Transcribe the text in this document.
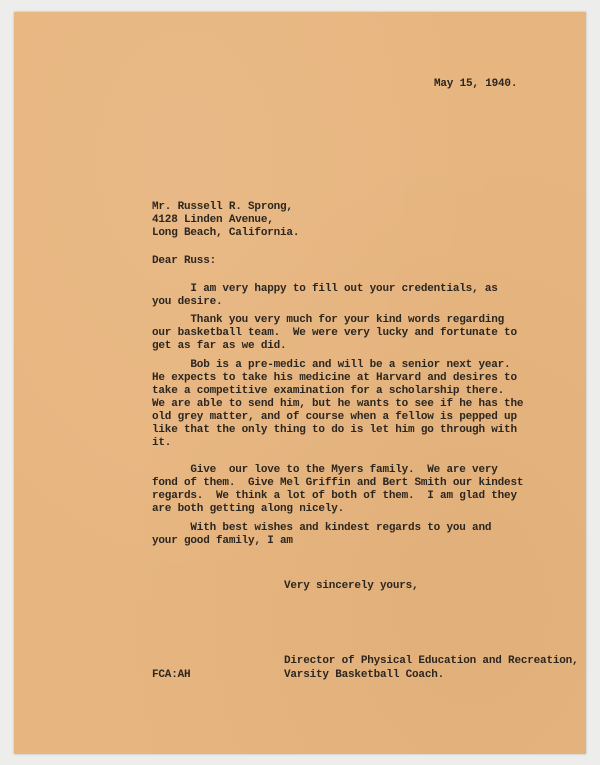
May 15, 1940.
Mr. Russell R. Sprong,
4128 Linden Avenue,
Long Beach, California.
Dear Russ:
I am very happy to fill out your credentials, as
you desire.
Thank you very much for your kind words regarding
our basketball team.  We were very lucky and fortunate to
get as far as we did.
Bob is a pre-medic and will be a senior next year.
He expects to take his medicine at Harvard and desires to
take a competitive examination for a scholarship there.
We are able to send him, but he wants to see if he has the
old grey matter, and of course when a fellow is pepped up
like that the only thing to do is let him go through with
it.
Give  our love to the Myers family.  We are very
fond of them.  Give Mel Griffin and Bert Smith our kindest
regards.  We think a lot of both of them.  I am glad they
are both getting along nicely.
With best wishes and kindest regards to you and
your good family, I am
Very sincerely yours,
Director of Physical Education and Recreation,
FCA:AH	Varsity Basketball Coach.
